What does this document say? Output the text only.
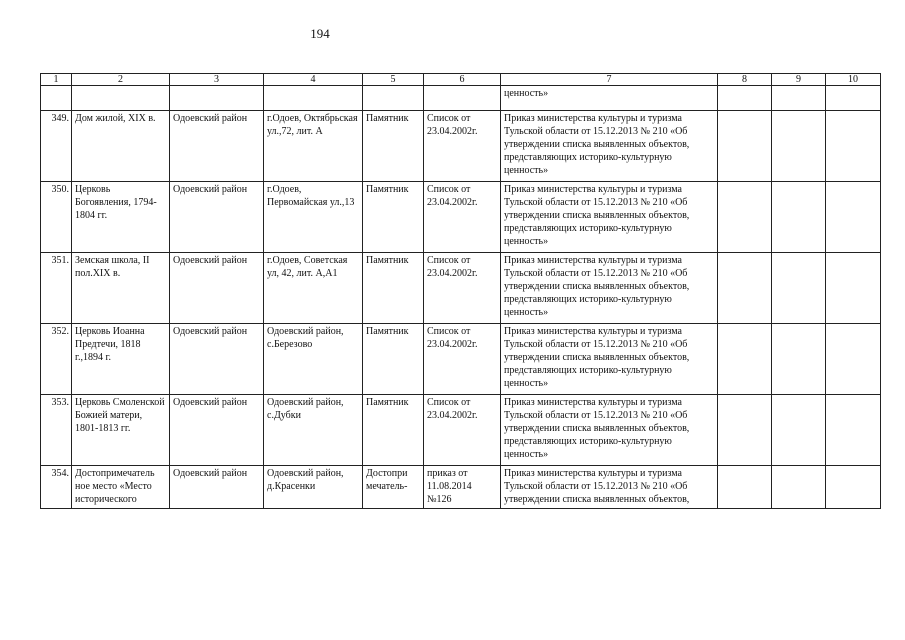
194
1	2	3	4	5	6	7	8	9	10
						ценность»			
349.	Дом жилой, XIX в.	Одоевский район	г.Одоев, Октябрьская ул.,72, лит. А	Памятник	Список от 23.04.2002г.	Приказ министерства культуры и туризма Тульской области от 15.12.2013 № 210 «Об утверждении списка выявленных объектов, представляющих историко-культурную ценность»			
350.	Церковь Богоявления, 1794-1804 гг.	Одоевский район	г.Одоев, Первомайская ул.,13	Памятник	Список от 23.04.2002г.	Приказ министерства культуры и туризма Тульской области от 15.12.2013 № 210 «Об утверждении списка выявленных объектов, представляющих историко-культурную ценность»			
351.	Земская школа, II пол.XIX в.	Одоевский район	г.Одоев, Советская ул, 42, лит. А,А1	Памятник	Список от 23.04.2002г.	Приказ министерства культуры и туризма Тульской области от 15.12.2013 № 210 «Об утверждении списка выявленных объектов, представляющих историко-культурную ценность»			
352.	Церковь Иоанна Предтечи, 1818 г.,1894 г.	Одоевский район	Одоевский район, с.Березово	Памятник	Список от 23.04.2002г.	Приказ министерства культуры и туризма Тульской области от 15.12.2013 № 210 «Об утверждении списка выявленных объектов, представляющих историко-культурную ценность»			
353.	Церковь Смоленской Божией матери, 1801-1813 гг.	Одоевский район	Одоевский район, с.Дубки	Памятник	Список от 23.04.2002г.	Приказ министерства культуры и туризма Тульской области от 15.12.2013 № 210 «Об утверждении списка выявленных объектов, представляющих историко-культурную ценность»			
354.	Достопримечатель ное место «Место исторического	Одоевский район	Одоевский район, д.Красенки	Достопри мечатель-	приказ от 11.08.2014 №126	Приказ министерства культуры и туризма Тульской области от 15.12.2013 № 210 «Об утверждении списка выявленных объектов,			
